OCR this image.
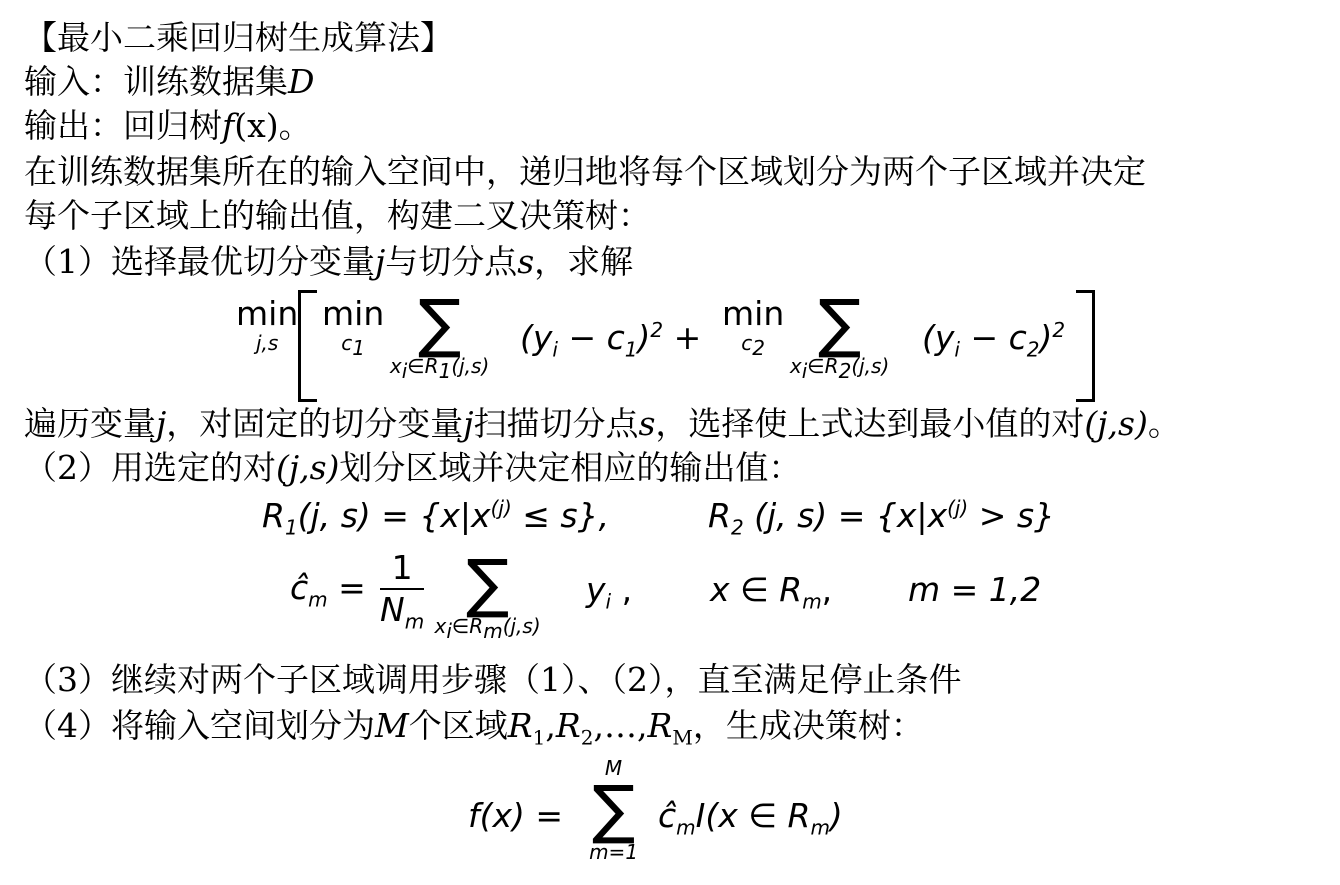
【最小二乘回归树生成算法】
输入：训练数据集D
输出：回归树f(x)。
在训练数据集所在的输入空间中，递归地将每个区域划分为两个子区域并决定
每个子区域上的输出值，构建二叉决策树：
（1）选择最优切分变量j与切分点s，求解
min
j,s
min
$c_1$ ∑
$x_i\in R_1(j,s)$
$(y_i - c_1)^2$ +
min
$c_2$ ∑
$x_i\in R_2(j,s)$
$(y_i - c_2)^2$
遍历变量j，对固定的切分变量j扫描切分点s，选择使上式达到最小值的对(j,s)。
（2）用选定的对(j,s)划分区域并决定相应的输出值：
$R_1(j$, $s) = \{x|x^{(j)} \le s\}$,	$R_2$ (j, $s) = \{x|x^{(j)} > s\}$
$ĉ_m = \frac{1}{N_m}$ ∑
$x_i\in R_m(j,s)$
$y_i$ , x ∈ $R_m$, m = 1,2
（3）继续对两个子区域调用步骤（1）、（2），直至满足停止条件
（4）将输入空间划分为M个区域$R_1,R_2,\dots,R_M$，生成决策树：
f(x) =
M
∑
m=1
$ĉ_mI(x$ ∈ $R_m$)
